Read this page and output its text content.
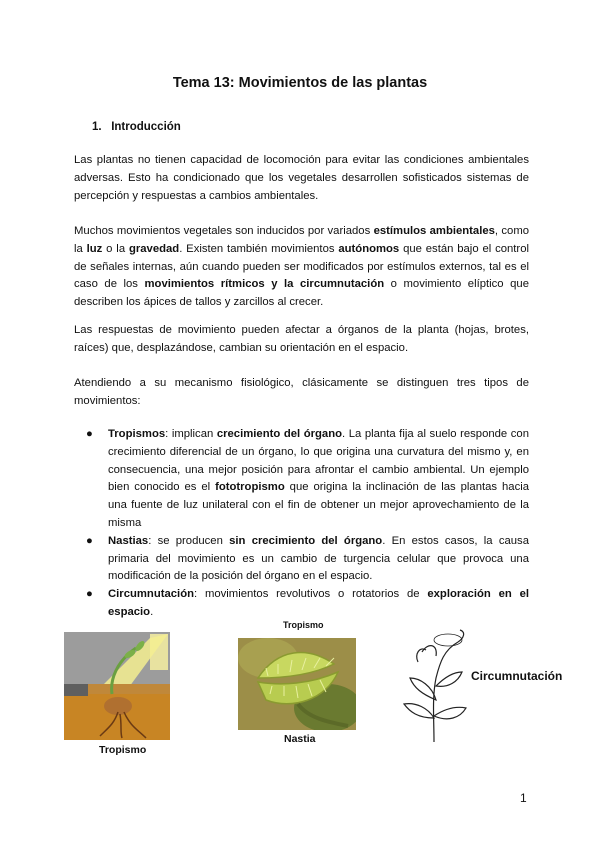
Tema 13: Movimientos de las plantas
1. Introducción

Las plantas no tienen capacidad de locomoción para evitar las condiciones ambientales adversas. Esto ha condicionado que los vegetales desarrollen sofisticados sistemas de percepción y respuestas a cambios ambientales.

Muchos movimientos vegetales son inducidos por variados estímulos ambientales, como la luz o la gravedad. Existen también movimientos autónomos que están bajo el control de señales internas, aún cuando pueden ser modificados por estímulos externos, tal es el caso de los movimientos rítmicos y la circumnutación o movimiento elíptico que describen los ápices de tallos y zarcillos al crecer.

Las respuestas de movimiento pueden afectar a órganos de la planta (hojas, brotes, raíces) que, desplazándose, cambian su orientación en el espacio.

Atendiendo a su mecanismo fisiológico, clásicamente se distinguen tres tipos de movimientos:

● Tropismos: implican crecimiento del órgano. La planta fija al suelo responde con crecimiento diferencial de un órgano, lo que origina una curvatura del mismo y, en consecuencia, una mejor posición para afrontar el cambio ambiental. Un ejemplo bien conocido es el fototropismo que origina la inclinación de las plantas hacia una fuente de luz unilateral con el fin de obtener un mejor aprovechamiento de la misma
● Nastias: se producen sin crecimiento del órgano. En estos casos, la causa primaria del movimiento es un cambio de turgencia celular que provoca una modificación de la posición del órgano en el espacio.
● Circumnutación: movimientos revolutivos o rotatorios de exploración en el espacio.
Tropismo
Tropismo
Nastia
Circumnutación
1
